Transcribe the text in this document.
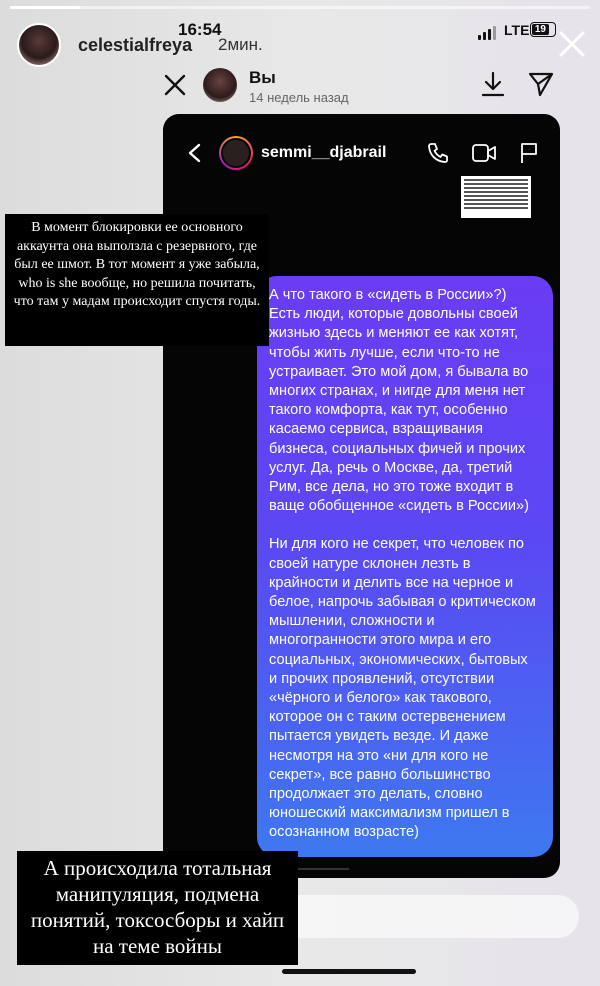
16:54	LTE 19
celestialfreya 2мин.
Вы
14 недель назад
semmi__djabrail

А что такого в «сидеть в России»?) Есть люди, которые довольны своей жизнью здесь и меняют ее как хотят, чтобы жить лучше, если что-то не устраивает. Это мой дом, я бывала во многих странах, и нигде для меня нет такого комфорта, как тут, особенно касаемо сервиса, взращивания бизнеса, социальных фичей и прочих услуг. Да, речь о Москве, да, третий Рим, все дела, но это тоже входит в ваще обобщенное «сидеть в России»)

Ни для кого не секрет, что человек по своей натуре склонен лезть в крайности и делить все на черное и белое, напрочь забывая о критическом мышлении, сложности и многогранности этого мира и его социальных, экономических, бытовых и прочих проявлений, отсутствии «чёрного и белого» как такового, которое он с таким остервенением пытается увидеть везде. И даже несмотря на это «ни для кого не секрет», все равно большинство продолжает это делать, словно юношеский максимализм пришел в осознанном возрасте)

В момент блокировки ее основного аккаунта она выползла с резервного, где был ее шмот. В тот момент я уже забыла, who is she вообще, но решила почитать, что там у мадам происходит спустя годы.
А происходила тотальная манипуляция, подмена понятий, токсосборы и хайп на теме войны
